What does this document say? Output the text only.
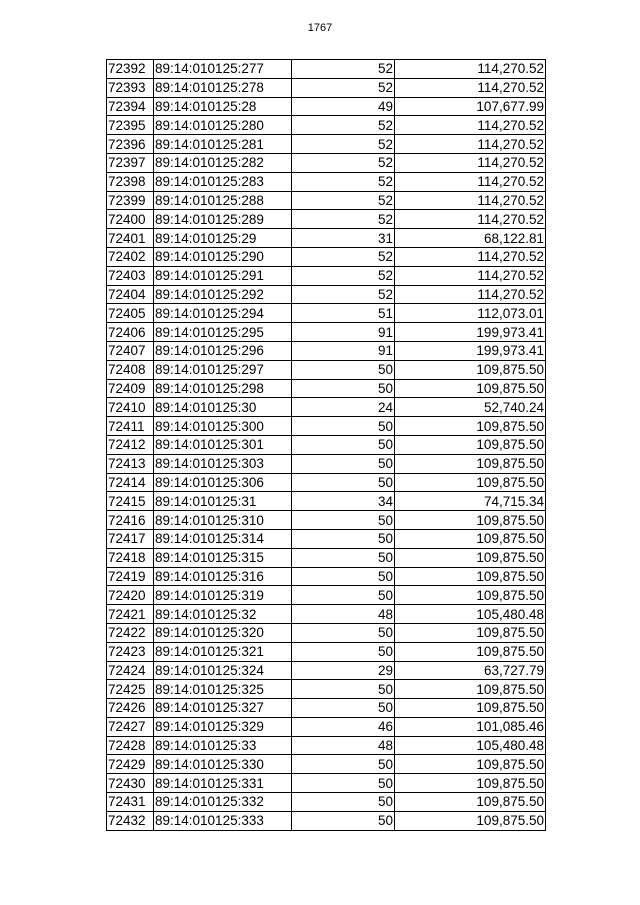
1767
72392	89:14:010125:277	52	114,270.52
72393	89:14:010125:278	52	114,270.52
72394	89:14:010125:28	49	107,677.99
72395	89:14:010125:280	52	114,270.52
72396	89:14:010125:281	52	114,270.52
72397	89:14:010125:282	52	114,270.52
72398	89:14:010125:283	52	114,270.52
72399	89:14:010125:288	52	114,270.52
72400	89:14:010125:289	52	114,270.52
72401	89:14:010125:29	31	68,122.81
72402	89:14:010125:290	52	114,270.52
72403	89:14:010125:291	52	114,270.52
72404	89:14:010125:292	52	114,270.52
72405	89:14:010125:294	51	112,073.01
72406	89:14:010125:295	91	199,973.41
72407	89:14:010125:296	91	199,973.41
72408	89:14:010125:297	50	109,875.50
72409	89:14:010125:298	50	109,875.50
72410	89:14:010125:30	24	52,740.24
72411	89:14:010125:300	50	109,875.50
72412	89:14:010125:301	50	109,875.50
72413	89:14:010125:303	50	109,875.50
72414	89:14:010125:306	50	109,875.50
72415	89:14:010125:31	34	74,715.34
72416	89:14:010125:310	50	109,875.50
72417	89:14:010125:314	50	109,875.50
72418	89:14:010125:315	50	109,875.50
72419	89:14:010125:316	50	109,875.50
72420	89:14:010125:319	50	109,875.50
72421	89:14:010125:32	48	105,480.48
72422	89:14:010125:320	50	109,875.50
72423	89:14:010125:321	50	109,875.50
72424	89:14:010125:324	29	63,727.79
72425	89:14:010125:325	50	109,875.50
72426	89:14:010125:327	50	109,875.50
72427	89:14:010125:329	46	101,085.46
72428	89:14:010125:33	48	105,480.48
72429	89:14:010125:330	50	109,875.50
72430	89:14:010125:331	50	109,875.50
72431	89:14:010125:332	50	109,875.50
72432	89:14:010125:333	50	109,875.50
